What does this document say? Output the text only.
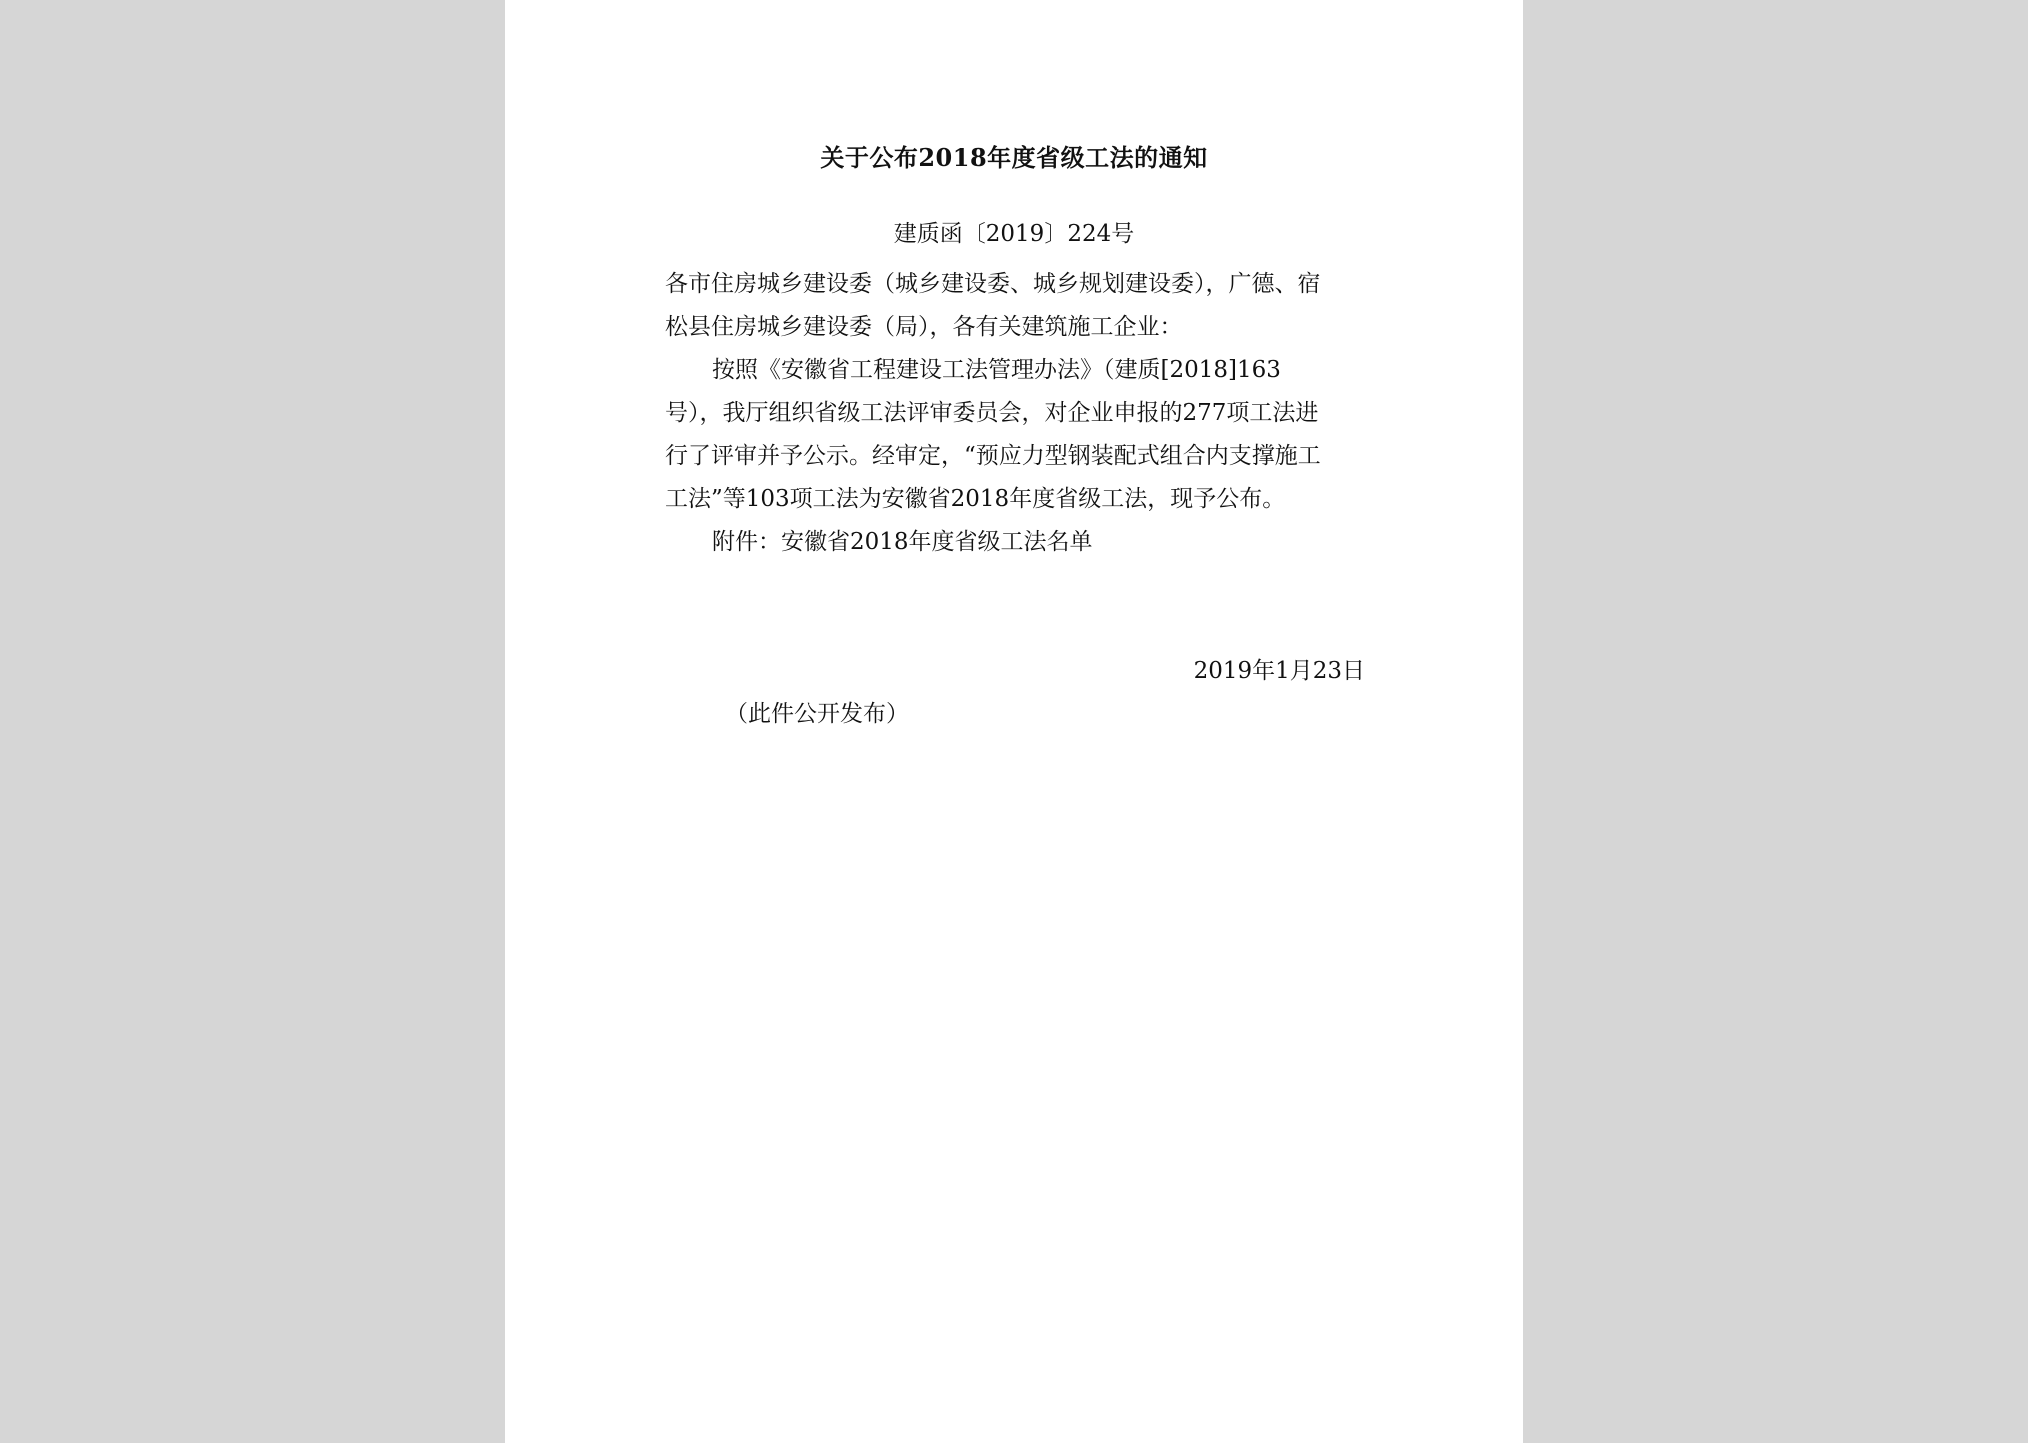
关于公布2018年度省级工法的通知
建质函〔2019〕224号
各市住房城乡建设委（城乡建设委、城乡规划建设委），广德、宿
松县住房城乡建设委（局），各有关建筑施工企业：
按照《安徽省工程建设工法管理办法》（建质[2018]163
号），我厅组织省级工法评审委员会，对企业申报的277项工法进
行了评审并予公示。经审定，“预应力型钢装配式组合内支撑施工
工法”等103项工法为安徽省2018年度省级工法，现予公布。
附件：安徽省2018年度省级工法名单
2019年1月23日
（此件公开发布）
